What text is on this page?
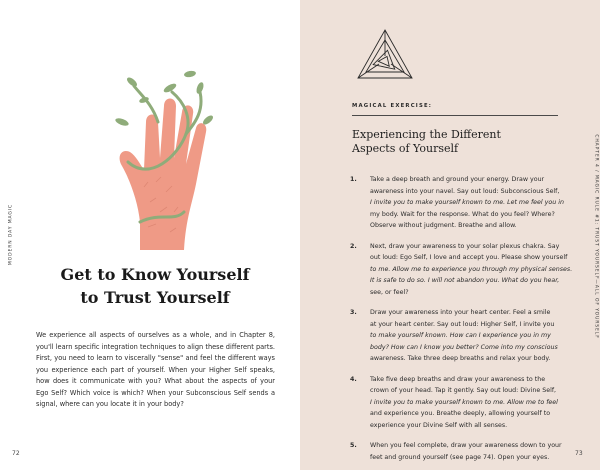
MODERN DAY MAGIC
Get to Know Yourself
to Trust Yourself

We experience all aspects of ourselves as a whole, and in Chapter 8, you'll learn specific integration techniques to align these different parts. First, you need to learn to viscerally "sense" and feel the different ways you experience each part of yourself. When your Higher Self speaks, how does it communicate with you? What about the aspects of your Ego Self? Which voice is which? When your Subconscious Self sends a signal, where can you locate it in your body?

72
MAGICAL EXERCISE:
Experiencing the Different
Aspects of Yourself
1.	Take a deep breath and ground your energy. Draw your
awareness into your navel. Say out loud: Subconscious Self,
I invite you to make yourself known to me. Let me feel you in
my body. Wait for the response. What do you feel? Where?
Observe without judgment. Breathe and allow.

2.	Next, draw your awareness to your solar plexus chakra. Say
out loud: Ego Self, I love and accept you. Please show yourself
to me. Allow me to experience you through my physical senses.
It is safe to do so. I will not abandon you. What do you hear,
see, or feel?

3.	Draw your awareness into your heart center. Feel a smile
at your heart center. Say out loud: Higher Self, I invite you
to make yourself known. How can I experience you in my
body? How can I know you better? Come into my conscious
awareness. Take three deep breaths and relax your body.

4.	Take five deep breaths and draw your awareness to the
crown of your head. Tap it gently. Say out loud: Divine Self,
I invite you to make yourself known to me. Allow me to feel
and experience you. Breathe deeply, allowing yourself to
experience your Divine Self with all senses.

5.	When you feel complete, draw your awareness down to your
feet and ground yourself (see page 74). Open your eyes.

CHAPTER 4 / MAGIC RULE #1: TRUST YOURSELF—ALL OF YOURSELF
73
